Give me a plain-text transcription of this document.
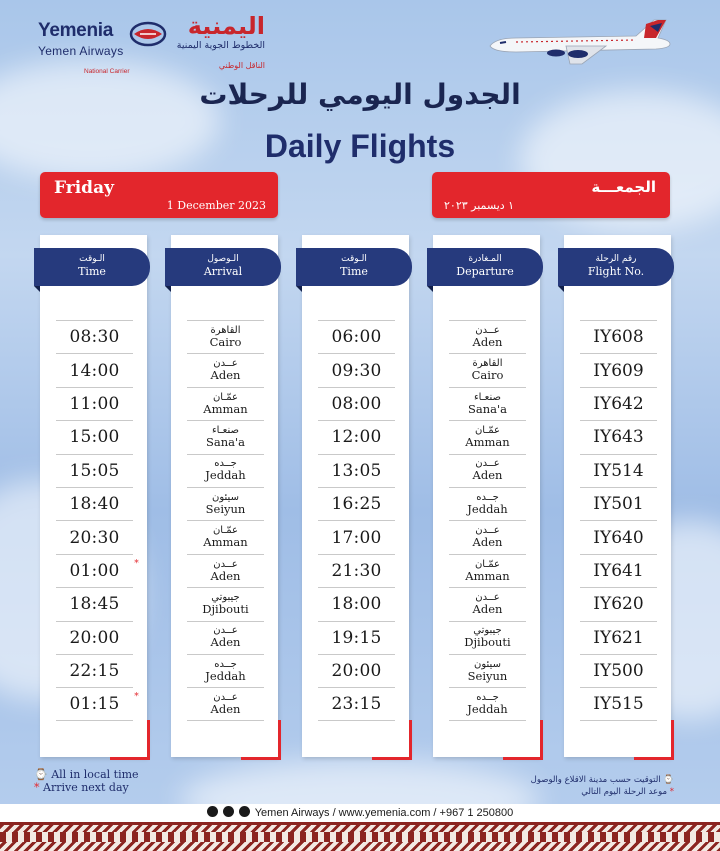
Yemenia
Yemen Airways
National Carrier
اليمنية
الخطوط الجوية اليمنية
الناقل الوطني
الجدول اليومي للرحلات
Daily Flights
Friday
1 December 2023
الجمعـــة
١ ديسمبر ٢٠٢٣
الـوقت
Time
08:30
14:00
11:00
15:00
15:05
18:40
20:30
01:00 *
18:45
20:00
22:15
01:15 *
الـوصول
Arrival
القاهرة
Cairo
عــدن
Aden
عمّـان
Amman
صنعـاء
Sana'a
جــده
Jeddah
سيئون
Seiyun
عمّـان
Amman
عــدن
Aden
جيبوتي
Djibouti
عــدن
Aden
جــده
Jeddah
عــدن
Aden
الـوقت
Time
06:00
09:30
08:00
12:00
13:05
16:25
17:00
21:30
18:00
19:15
20:00
23:15
المـغادرة
Departure
عــدن
Aden
القاهرة
Cairo
صنعـاء
Sana'a
عمّـان
Amman
عــدن
Aden
جــده
Jeddah
عــدن
Aden
عمّـان
Amman
عــدن
Aden
جيبوتي
Djibouti
سيئون
Seiyun
جــده
Jeddah
رقم الرحلة
Flight No.
IY608
IY609
IY642
IY643
IY514
IY501
IY640
IY641
IY620
IY621
IY500
IY515
⌚ All in local time
* Arrive next day
⌚ التوقيت حسب مدينة الاقلاع والوصول
* موعد الرحلة اليوم التالي
Yemen Airways / www.yemenia.com / +967 1 250800
